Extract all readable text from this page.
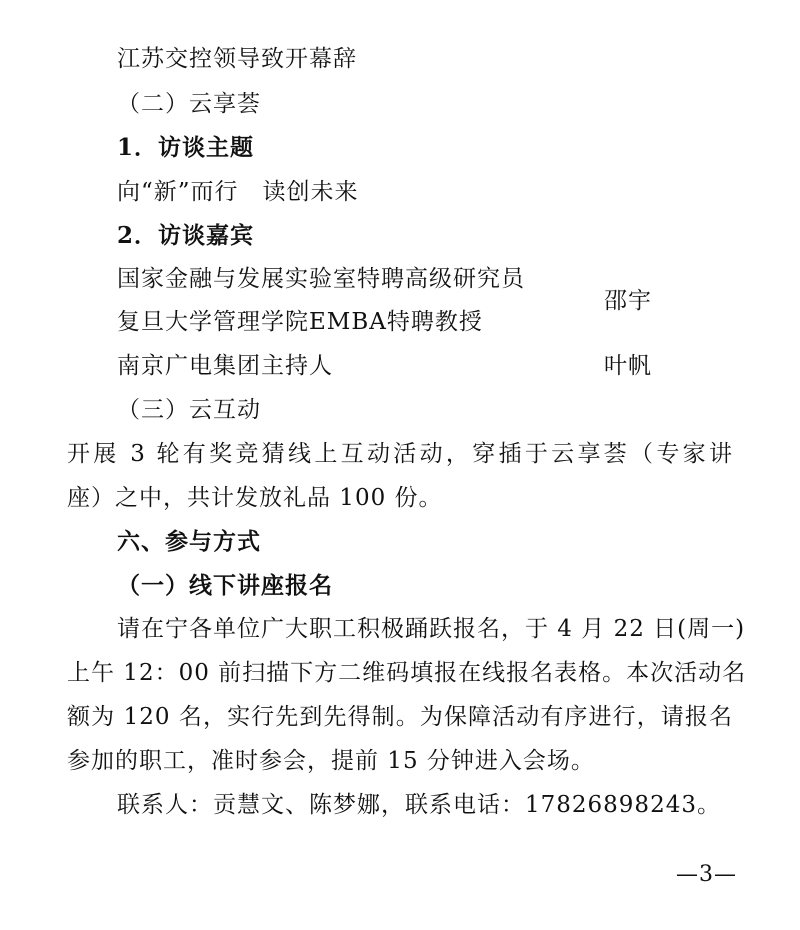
江苏交控领导致开幕辞
（二）云享荟
1．访谈主题
向“新”而行　读创未来
2．访谈嘉宾
国家金融与发展实验室特聘高级研究员
邵宇
复旦大学管理学院EMBA特聘教授
南京广电集团主持人	叶帆
（三）云互动
开展 3 轮有奖竞猜线上互动活动，穿插于云享荟（专家讲
座）之中，共计发放礼品 100 份。
六、参与方式
（一）线下讲座报名
请在宁各单位广大职工积极踊跃报名，于 4 月 22 日(周一)
上午 12：00 前扫描下方二维码填报在线报名表格。本次活动名
额为 120 名，实行先到先得制。为保障活动有序进行，请报名
参加的职工，准时参会，提前 15 分钟进入会场。
联系人：贡慧文、陈梦娜，联系电话：17826898243。
—3—
